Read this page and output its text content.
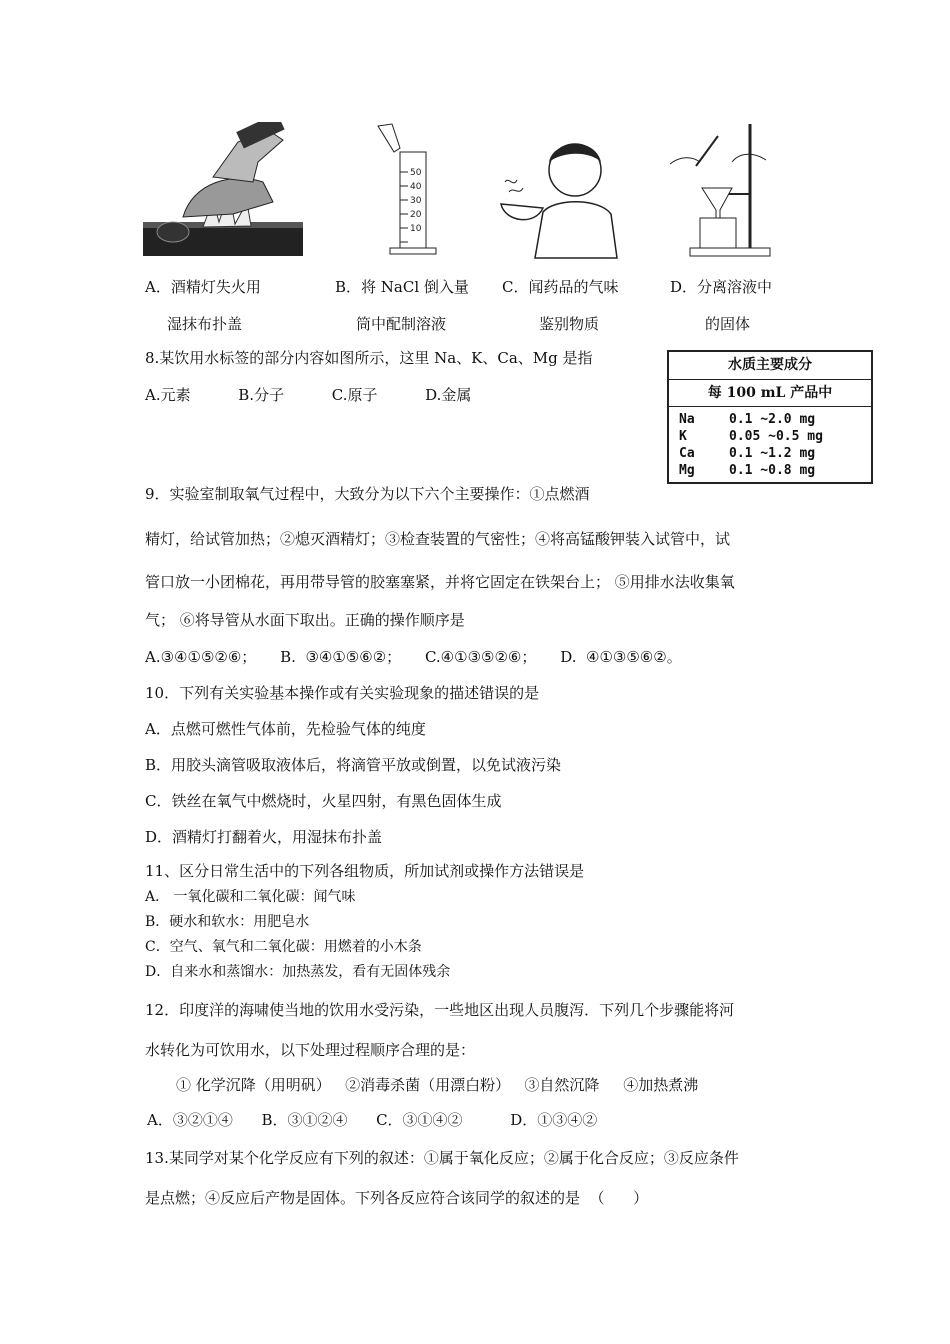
50
40
30
20
10
A．酒精灯失火用
湿抹布扑盖
B．将 NaCl 倒入量
筒中配制溶液
C．闻药品的气味
鉴别物质
D．分离溶液中
的固体
8.某饮用水标签的部分内容如图所示，这里 Na、K、Ca、Mg 是指
A.元素          B.分子          C.原子          D.金属
水质主要成分
每 100 mL 产品中
Na	0.1 ~2.0 mg
K	0.05 ~0.5 mg
Ca	0.1 ~1.2 mg
Mg	0.1 ~0.8 mg
9．实验室制取氧气过程中，大致分为以下六个主要操作：①点燃酒
精灯，给试管加热；②熄灭酒精灯；③检查装置的气密性；④将高锰酸钾装入试管中，试
管口放一小团棉花，再用带导管的胶塞塞紧，并将它固定在铁架台上； ⑤用排水法收集氧
气； ⑥将导管从水面下取出。正确的操作顺序是
A.③④①⑤②⑥；     B.  ③④①⑤⑥②；     C.④①③⑤②⑥；     D.  ④①③⑤⑥②。
10．下列有关实验基本操作或有关实验现象的描述错误的是
A．点燃可燃性气体前，先检验气体的纯度
B．用胶头滴管吸取液体后，将滴管平放或倒置，以免试液污染
C．铁丝在氧气中燃烧时，火星四射，有黑色固体生成
D．酒精灯打翻着火，用湿抹布扑盖
11、区分日常生活中的下列各组物质，所加试剂或操作方法错误是
A． 一氧化碳和二氧化碳：闻气味
B．硬水和软水：用肥皂水
C．空气、氧气和二氧化碳：用燃着的小木条
D．自来水和蒸馏水：加热蒸发，看有无固体残余
12．印度洋的海啸使当地的饮用水受污染，一些地区出现人员腹泻．下列几个步骤能将河
水转化为可饮用水，以下处理过程顺序合理的是：
① 化学沉降（用明矾）   ②消毒杀菌（用漂白粉）   ③自然沉降     ④加热煮沸
A．③②①④      B．③①②④      C．③①④②          D．①③④②
13.某同学对某个化学反应有下列的叙述：①属于氧化反应；②属于化合反应；③反应条件
是点燃；④反应后产物是固体。下列各反应符合该同学的叙述的是  （      ）
